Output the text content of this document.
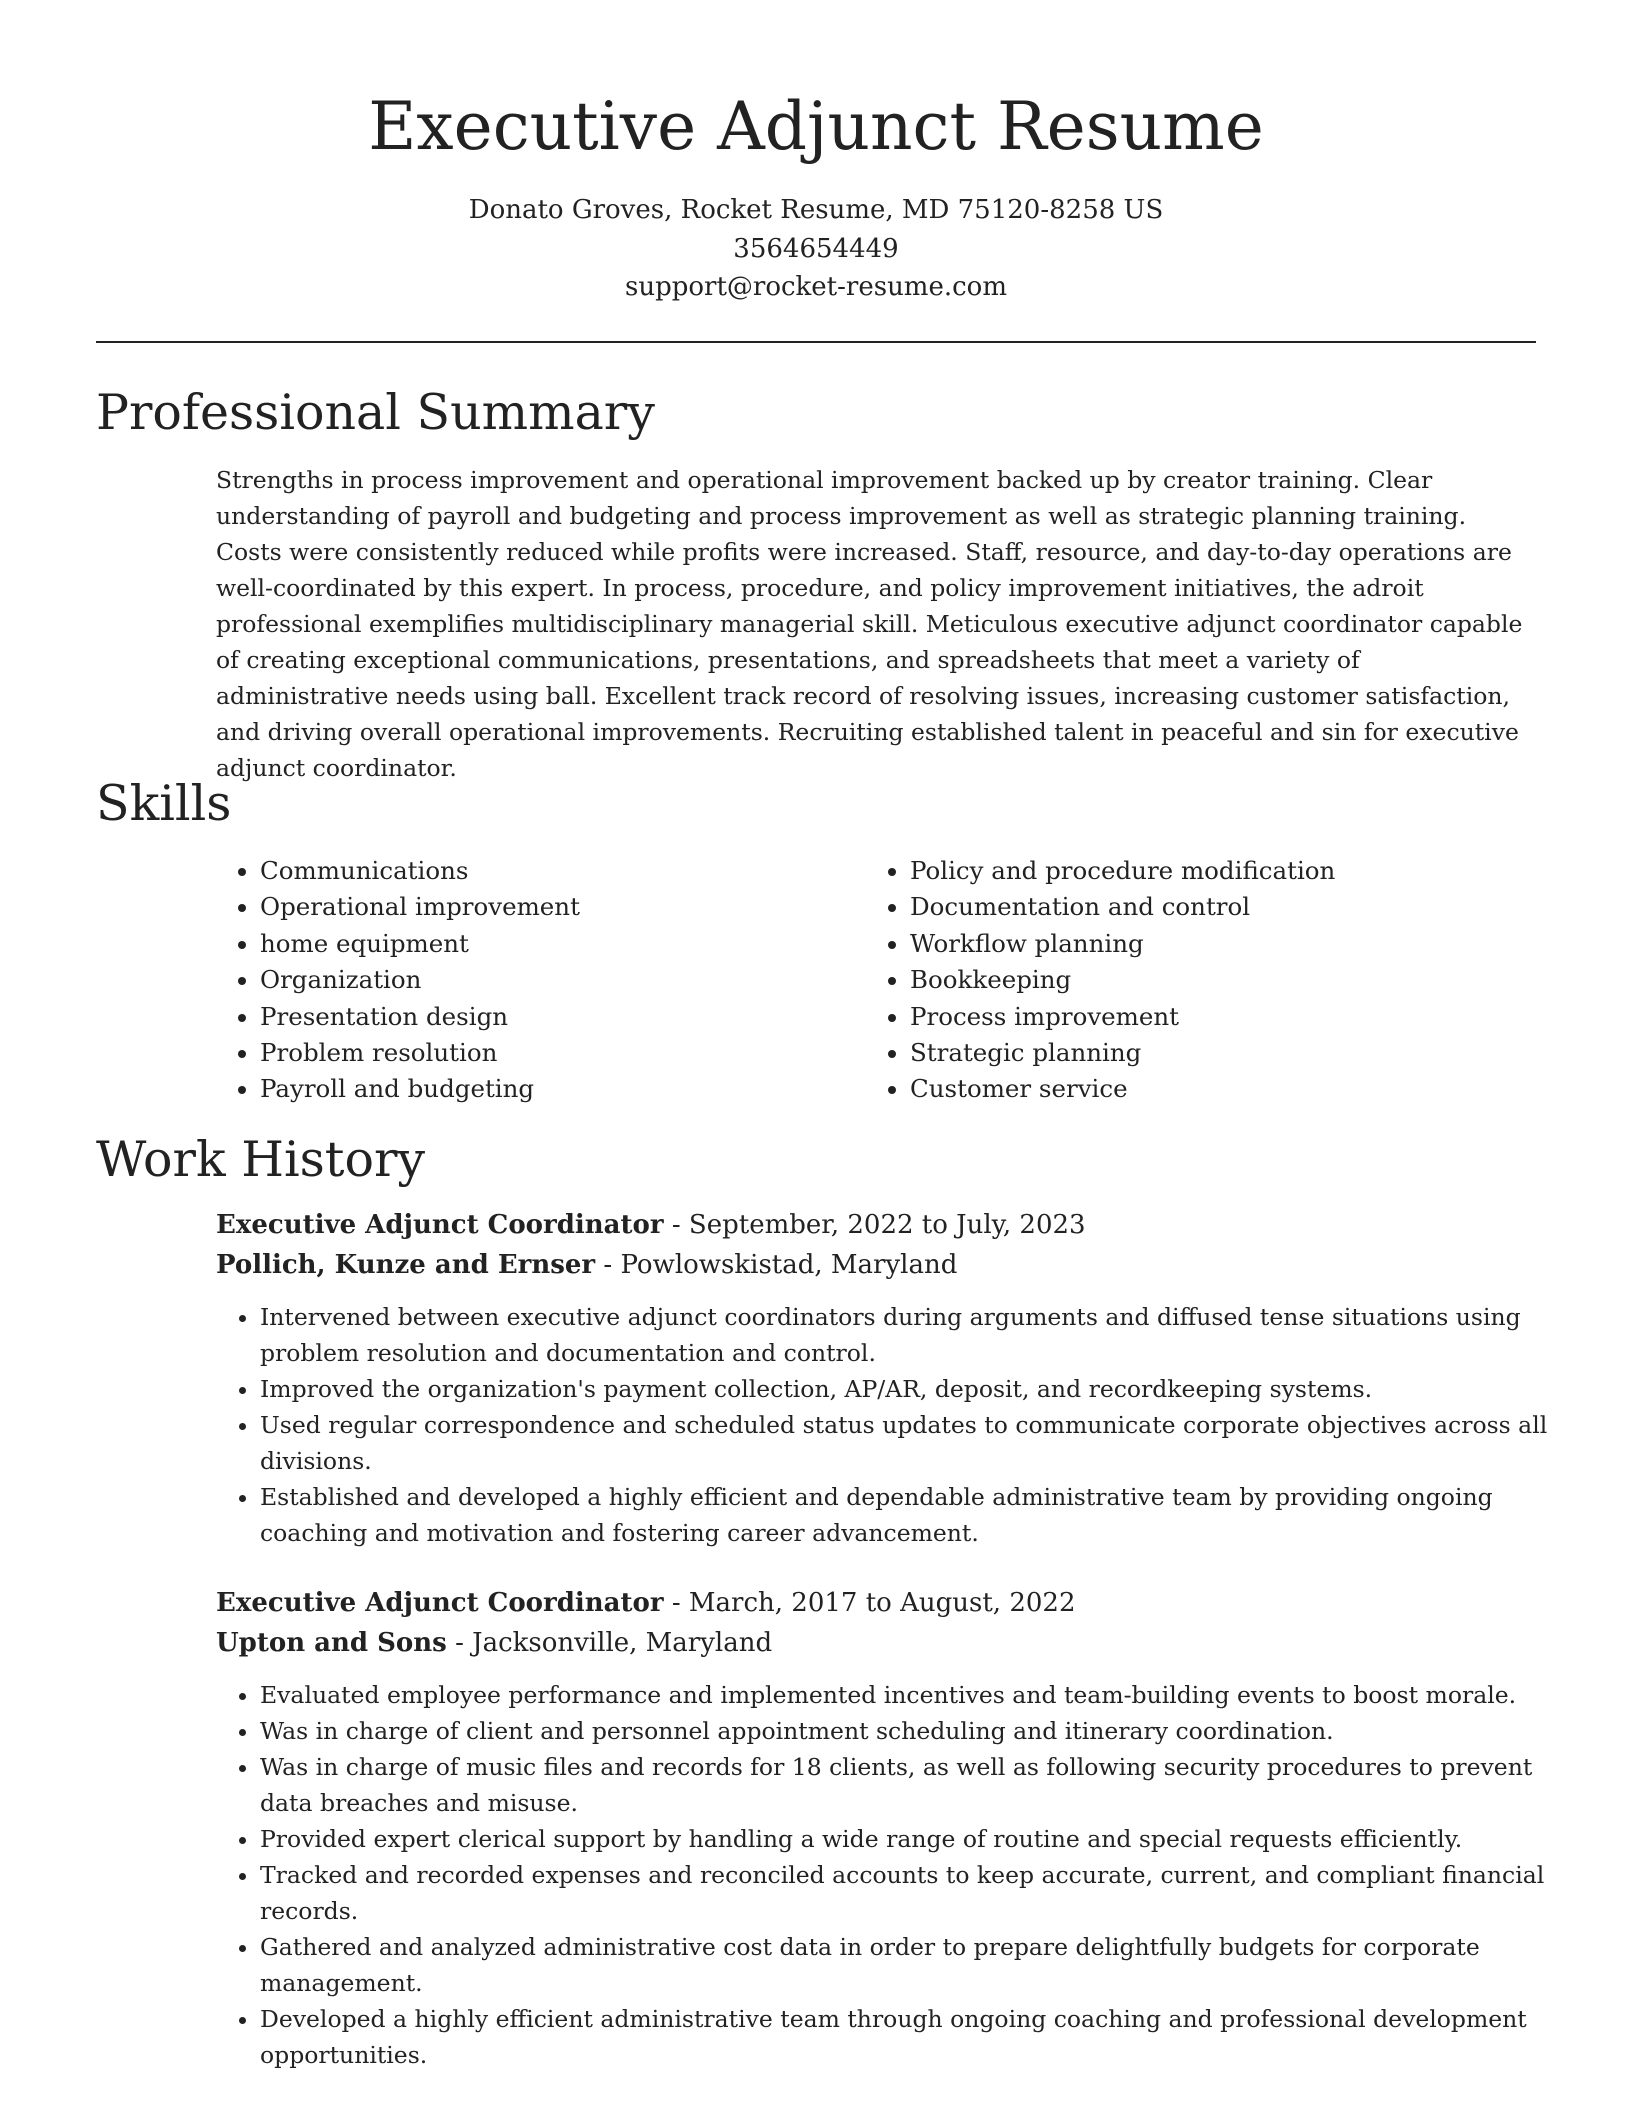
Executive Adjunct Resume
Donato Groves, Rocket Resume, MD 75120-8258 US
3564654449
support@rocket-resume.com
Professional Summary

Strengths in process improvement and operational improvement backed up by creator training. Clear understanding of payroll and budgeting and process improvement as well as strategic planning training. Costs were consistently reduced while profits were increased. Staff, resource, and day-to-day operations are well-coordinated by this expert. In process, procedure, and policy improvement initiatives, the adroit professional exemplifies multidisciplinary managerial skill. Meticulous executive adjunct coordinator capable of creating exceptional communications, presentations, and spreadsheets that meet a variety of administrative needs using ball. Excellent track record of resolving issues, increasing customer satisfaction, and driving overall operational improvements. Recruiting established talent in peaceful and sin for executive adjunct coordinator.

Skills
• Communications
• Operational improvement
• home equipment
• Organization
• Presentation design
• Problem resolution
• Payroll and budgeting
• Policy and procedure modification
• Documentation and control
• Workflow planning
• Bookkeeping
• Process improvement
• Strategic planning
• Customer service
Work History
Executive Adjunct Coordinator - September, 2022 to July, 2023
Pollich, Kunze and Ernser - Powlowskistad, Maryland
• Intervened between executive adjunct coordinators during arguments and diffused tense situations using problem resolution and documentation and control.
• Improved the organization's payment collection, AP/AR, deposit, and recordkeeping systems.
• Used regular correspondence and scheduled status updates to communicate corporate objectives across all divisions.
• Established and developed a highly efficient and dependable administrative team by providing ongoing coaching and motivation and fostering career advancement.
Executive Adjunct Coordinator - March, 2017 to August, 2022
Upton and Sons - Jacksonville, Maryland
• Evaluated employee performance and implemented incentives and team-building events to boost morale.
• Was in charge of client and personnel appointment scheduling and itinerary coordination.
• Was in charge of music files and records for 18 clients, as well as following security procedures to prevent data breaches and misuse.
• Provided expert clerical support by handling a wide range of routine and special requests efficiently.
• Tracked and recorded expenses and reconciled accounts to keep accurate, current, and compliant financial records.
• Gathered and analyzed administrative cost data in order to prepare delightfully budgets for corporate management.
• Developed a highly efficient administrative team through ongoing coaching and professional development opportunities.
